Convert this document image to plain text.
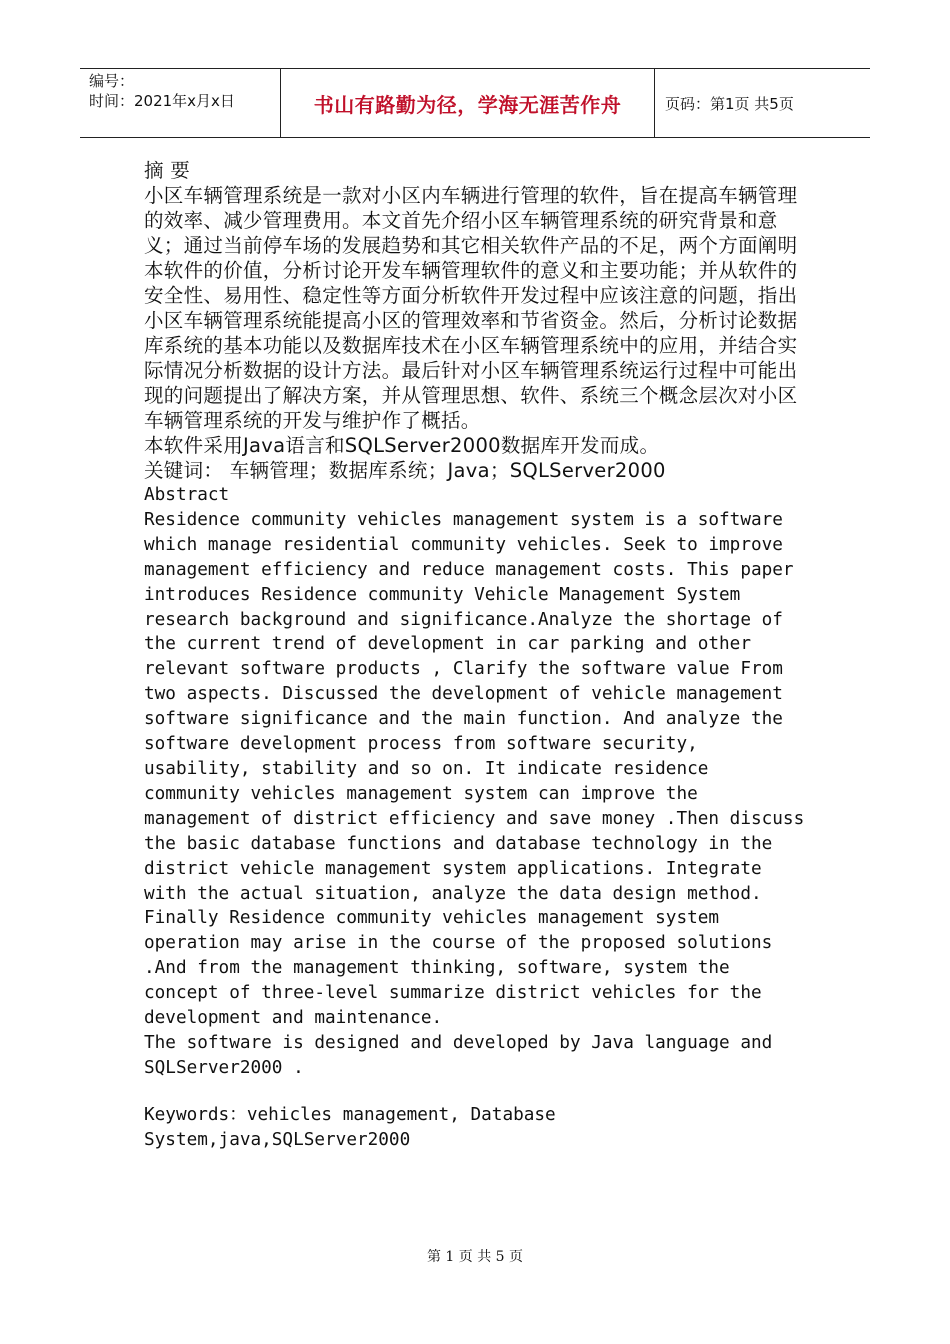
编号：
时间：2021年x月x日	书山有路勤为径，学海无涯苦作舟	页码：第1页 共5页

摘 要

小区车辆管理系统是一款对小区内车辆进行管理的软件，旨在提高车辆管理的效率、减少管理费用。本文首先介绍小区车辆管理系统的研究背景和意义；通过当前停车场的发展趋势和其它相关软件产品的不足，两个方面阐明本软件的价值，分析讨论开发车辆管理软件的意义和主要功能；并从软件的安全性、易用性、稳定性等方面分析软件开发过程中应该注意的问题，指出小区车辆管理系统能提高小区的管理效率和节省资金。然后，分析讨论数据库系统的基本功能以及数据库技术在小区车辆管理系统中的应用，并结合实际情况分析数据的设计方法。最后针对小区车辆管理系统运行过程中可能出现的问题提出了解决方案，并从管理思想、软件、系统三个概念层次对小区车辆管理系统的开发与维护作了概括。

本软件采用Java语言和SQLServer2000数据库开发而成。

关键词： 车辆管理；数据库系统；Java；SQLServer2000

Abstract

Residence community vehicles management system is a software which manage residential community vehicles. Seek to improve management efficiency and reduce management costs. This paper introduces Residence community Vehicle Management System research background and significance.Analyze the shortage of the current trend of development in car parking and other relevant software products , Clarify the software value From two aspects. Discussed the development of vehicle management software significance and the main function. And analyze the software development process from software security, usability, stability and so on. It indicate residence community vehicles management system can improve the management of district efficiency and save money .Then discuss the basic database functions and database technology in the district vehicle management system applications. Integrate with the actual situation, analyze the data design method. Finally Residence community vehicles management system operation may arise in the course of the proposed solutions .And from the management thinking, software, system the concept of three-level summarize district vehicles for the development and maintenance.

The software is designed and developed by Java language and SQLServer2000 .

Keywords：vehicles management, Database System,java,SQLServer2000

第 1 页 共 5 页
